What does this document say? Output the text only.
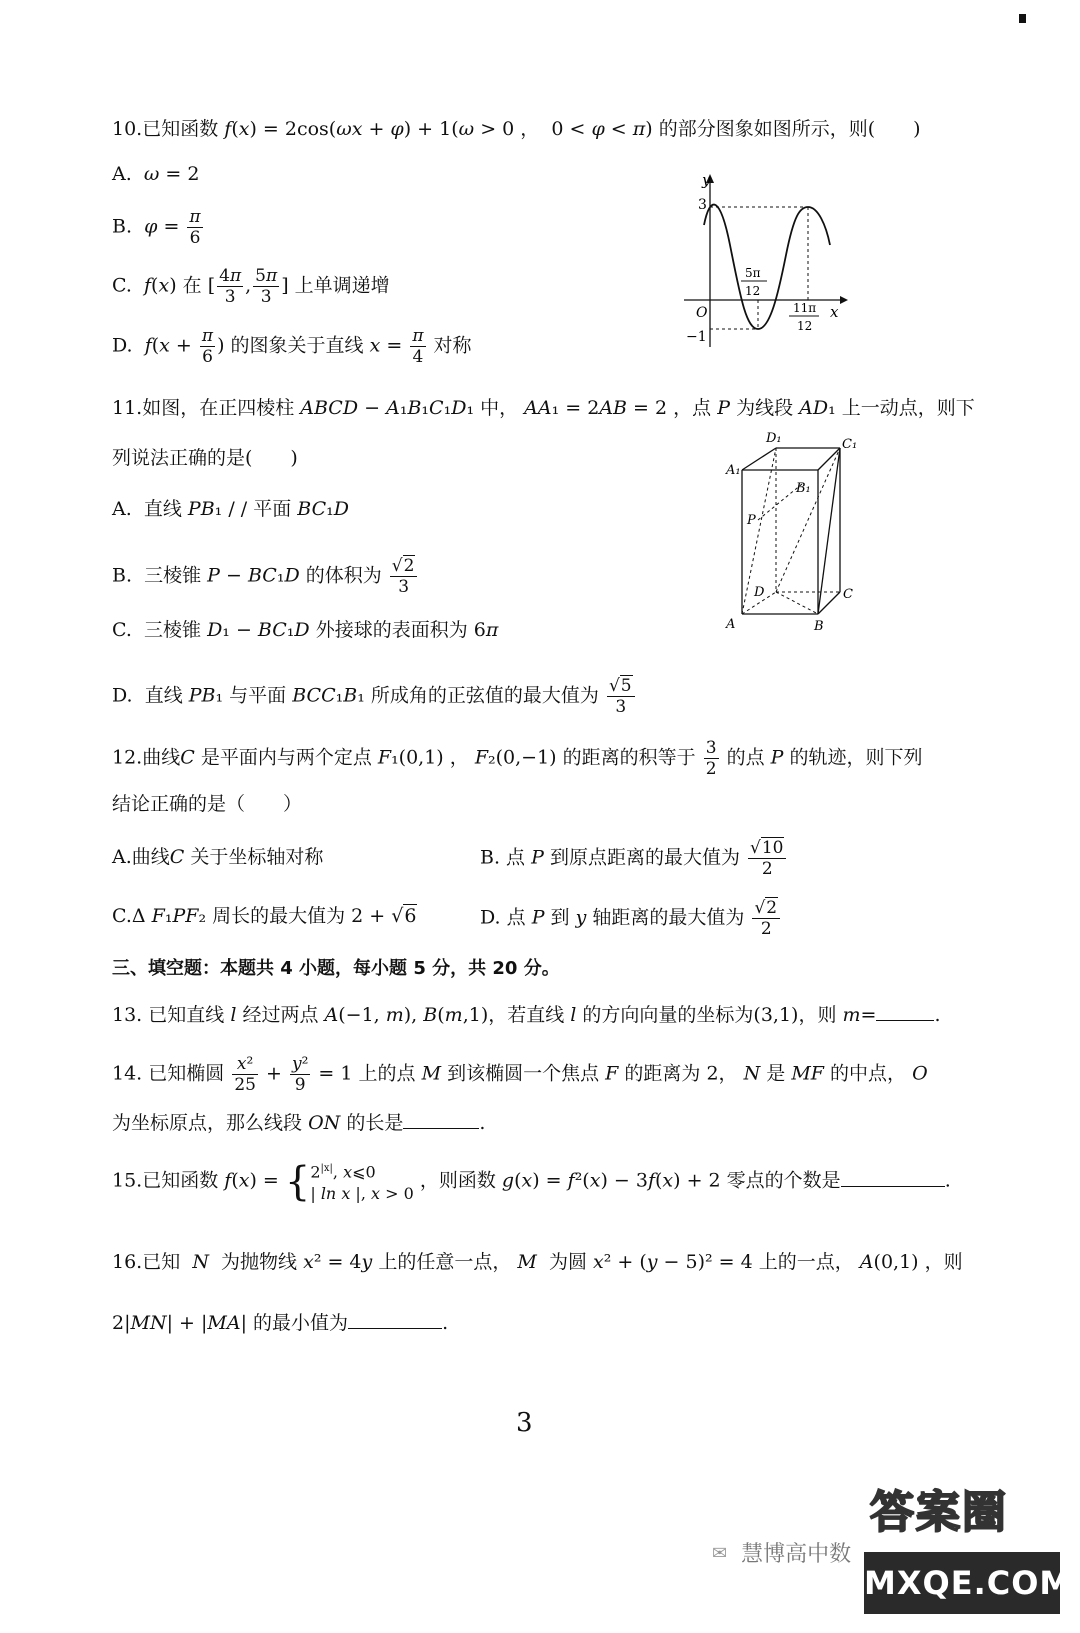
10.已知函数 f(x) = 2cos(ωx + φ) + 1(ω > 0 ，  0 < φ < π) 的部分图象如图所示，则(　　)
A. ω = 2
B. $\varphi = \frac{\pi}{6}$
C. f(x) 在 [ $\frac{4\pi}{3}$ , $\frac{5\pi}{3}$ ] 上单调递增
D. $f(x + \frac{\pi}{6}$ ) 的图象关于直线 $x = \frac{\pi}{4}$ 对称
y
x
O
3
−1
5π
12
11π
12
11.如图，在正四棱柱 ABCD − A₁B₁C₁D₁ 中， AA₁ = 2AB = 2 ，点 P 为线段 AD₁ 上一动点，则下
列说法正确的是(　　)
A. 直线 PB₁ / / 平面 BC₁D
B. 三棱锥 P − BC₁D 的体积为 $\frac{√2}{3}$
C. 三棱锥 D₁ − BC₁D 外接球的表面积为 6π
D. 直线 PB₁ 与平面 BCC₁B₁ 所成角的正弦值的最大值为 $\frac{√5}{3}$
D₁	C₁
A₁
B₁
P
D	C
A	B
12.曲线C 是平面内与两个定点 F₁(0,1) ， F₂(0,−1) 的距离的积等于 $\frac{3}{2}$ 的点 P 的轨迹，则下列
结论正确的是（　　）
A.曲线C 关于坐标轴对称	B. 点 P 到原点距离的最大值为 $\frac{√10}{2}$
C.Δ F₁PF₂ 周长的最大值为 2 + √6	D. 点 P 到 y 轴距离的最大值为 $\frac{√2}{2}$
三、填空题：本题共 4 小题，每小题 5 分，共 20 分。
13. 已知直线 l 经过两点 A(−1, m), B(m,1)，若直线 l 的方向向量的坐标为(3,1)，则 m=	.
14. 已知椭圆 $\frac{\text{x²}}{25} + \frac{\text{y²}}{9} = 1$ 上的点 M 到该椭圆一个焦点 F 的距离为 2， N 是 MF 的中点， O
为坐标原点，那么线段 ON 的长是	.
15.已知函数 $f(x) = \{2^{|x|}$, x⩽0
| ln x |, x > 0 ，则函数 g(x) = f²(x) − 3f(x) + 2 零点的个数是	.
16.已知 N 为抛物线 x² = 4y 上的任意一点， M 为圆 x² + (y − 5)² = 4 上的一点， A(0,1) ，则
2|MN| + |MA| 的最小值为	.
3
✉ 慧博高中数
答案圈
MXQE.COM
